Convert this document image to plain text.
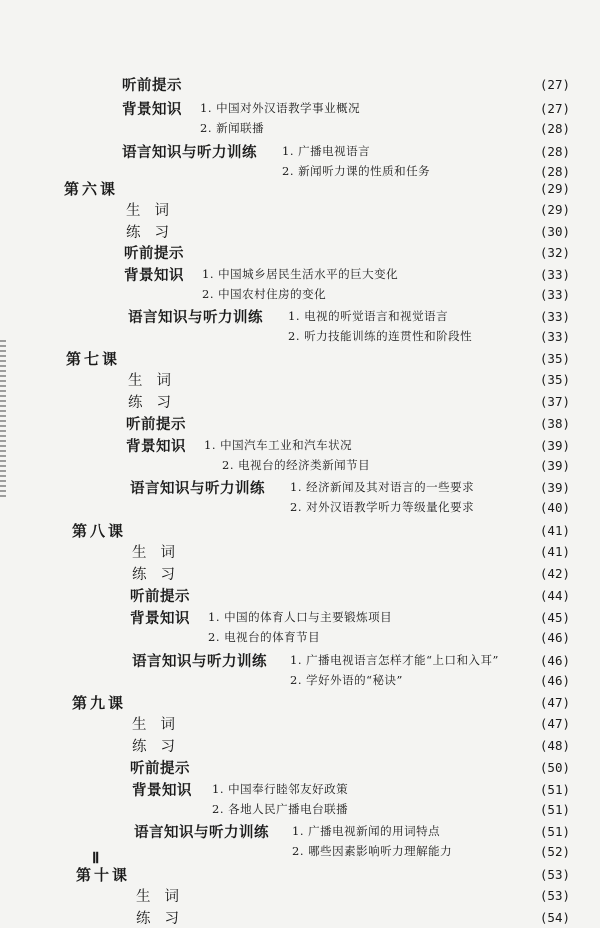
听前提示	(27)
背景知识 1. 中国对外汉语教学事业概况	(27)
2. 新闻联播	(28)
语言知识与听力训练 1. 广播电视语言	(28)
2. 新闻听力课的性质和任务	(28)
第六课	(29)
生词	(29)
练习	(30)
听前提示	(32)
背景知识 1. 中国城乡居民生活水平的巨大变化	(33)
2. 中国农村住房的变化	(33)
语言知识与听力训练 1. 电视的听觉语言和视觉语言	(33)
2. 听力技能训练的连贯性和阶段性	(33)
第七课	(35)
生词	(35)
练习	(37)
听前提示	(38)
背景知识 1. 中国汽车工业和汽车状况	(39)
2. 电视台的经济类新闻节目	(39)
语言知识与听力训练 1. 经济新闻及其对语言的一些要求	(39)
2. 对外汉语教学听力等级量化要求	(40)
第八课	(41)
生词	(41)
练习	(42)
听前提示	(44)
背景知识 1. 中国的体育人口与主要锻炼项目	(45)
2. 电视台的体育节目	(46)
语言知识与听力训练 1. 广播电视语言怎样才能“上口和入耳”	(46)
2. 学好外语的“秘诀”	(46)
第九课	(47)
生词	(47)
练习	(48)
听前提示	(50)
背景知识 1. 中国奉行睦邻友好政策	(51)
2. 各地人民广播电台联播	(51)
语言知识与听力训练 1. 广播电视新闻的用词特点	(51)
2. 哪些因素影响听力理解能力	(52)
第十课	(53)
生词	(53)
练习	(54)
Ⅱ
